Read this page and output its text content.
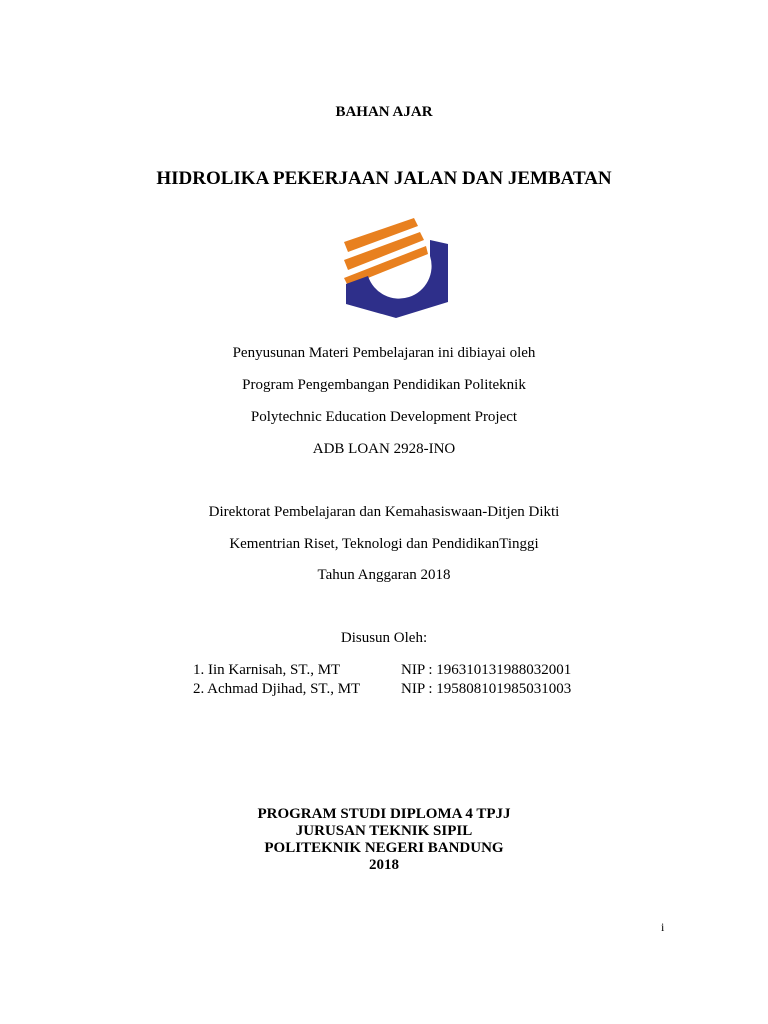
BAHAN AJAR
HIDROLIKA PEKERJAAN JALAN DAN JEMBATAN
Penyusunan Materi Pembelajaran ini dibiayai oleh
Program Pengembangan Pendidikan Politeknik
Polytechnic Education Development Project
ADB LOAN 2928-INO
Direktorat Pembelajaran dan Kemahasiswaan-Ditjen Dikti
Kementrian Riset, Teknologi dan PendidikanTinggi
Tahun Anggaran 2018
Disusun Oleh:
1. Iin Karnisah, ST., MT	NIP : 196310131988032001
2. Achmad Djihad, ST., MT	NIP : 195808101985031003
PROGRAM STUDI DIPLOMA 4 TPJJ
JURUSAN TEKNIK SIPIL
POLITEKNIK NEGERI BANDUNG
2018
i
